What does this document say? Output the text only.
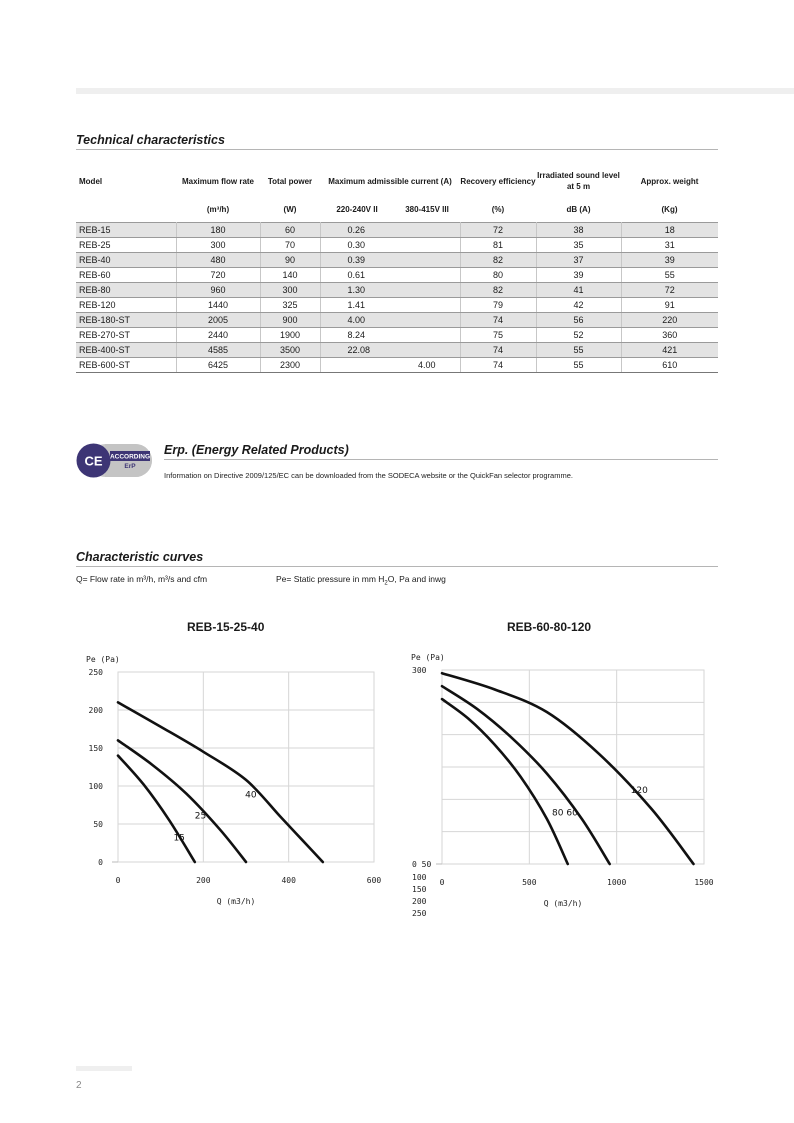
Technical characteristics
Model	Maximum flow rate	Total power	Maximum admissible current (A)		Recovery efficiency	Irradiated sound level at 5 m	Approx. weight
	(m³/h)	(W)	220-240V II	380-415V III	(%)	dB (A)	(Kg)
REB-15	180	60	0.26		72	38	18
REB-25	300	70	0.30		81	35	31
REB-40	480	90	0.39		82	37	39
REB-60	720	140	0.61		80	39	55
REB-80	960	300	1.30		82	41	72
REB-120	1440	325	1.41		79	42	91
REB-180-ST	2005	900	4.00		74	56	220
REB-270-ST	2440	1900	8.24		75	52	360
REB-400-ST	4585	3500	22.08		74	55	421
REB-600-ST	6425	2300		4.00	74	55	610
CE ACCORDING
ErP
Erp. (Energy Related Products)
Information on Directive 2009/125/EC can be downloaded from the SODECA website or the QuickFan selector programme.
Characteristic curves
Q= Flow rate in m³/h, m³/s and cfm	Pe= Static pressure in mm $H_2O$, Pa and inwg
REB-15-25-40	REB-60-80-120
0	200	400	600
0
50
100
150
200
250
Pe (Pa)
Q (m3/h)
15
25
40
0	500	1000	1500
300
0 50
100
150
200
250
Pe (Pa)
Q (m3/h)
120
80 60
2
